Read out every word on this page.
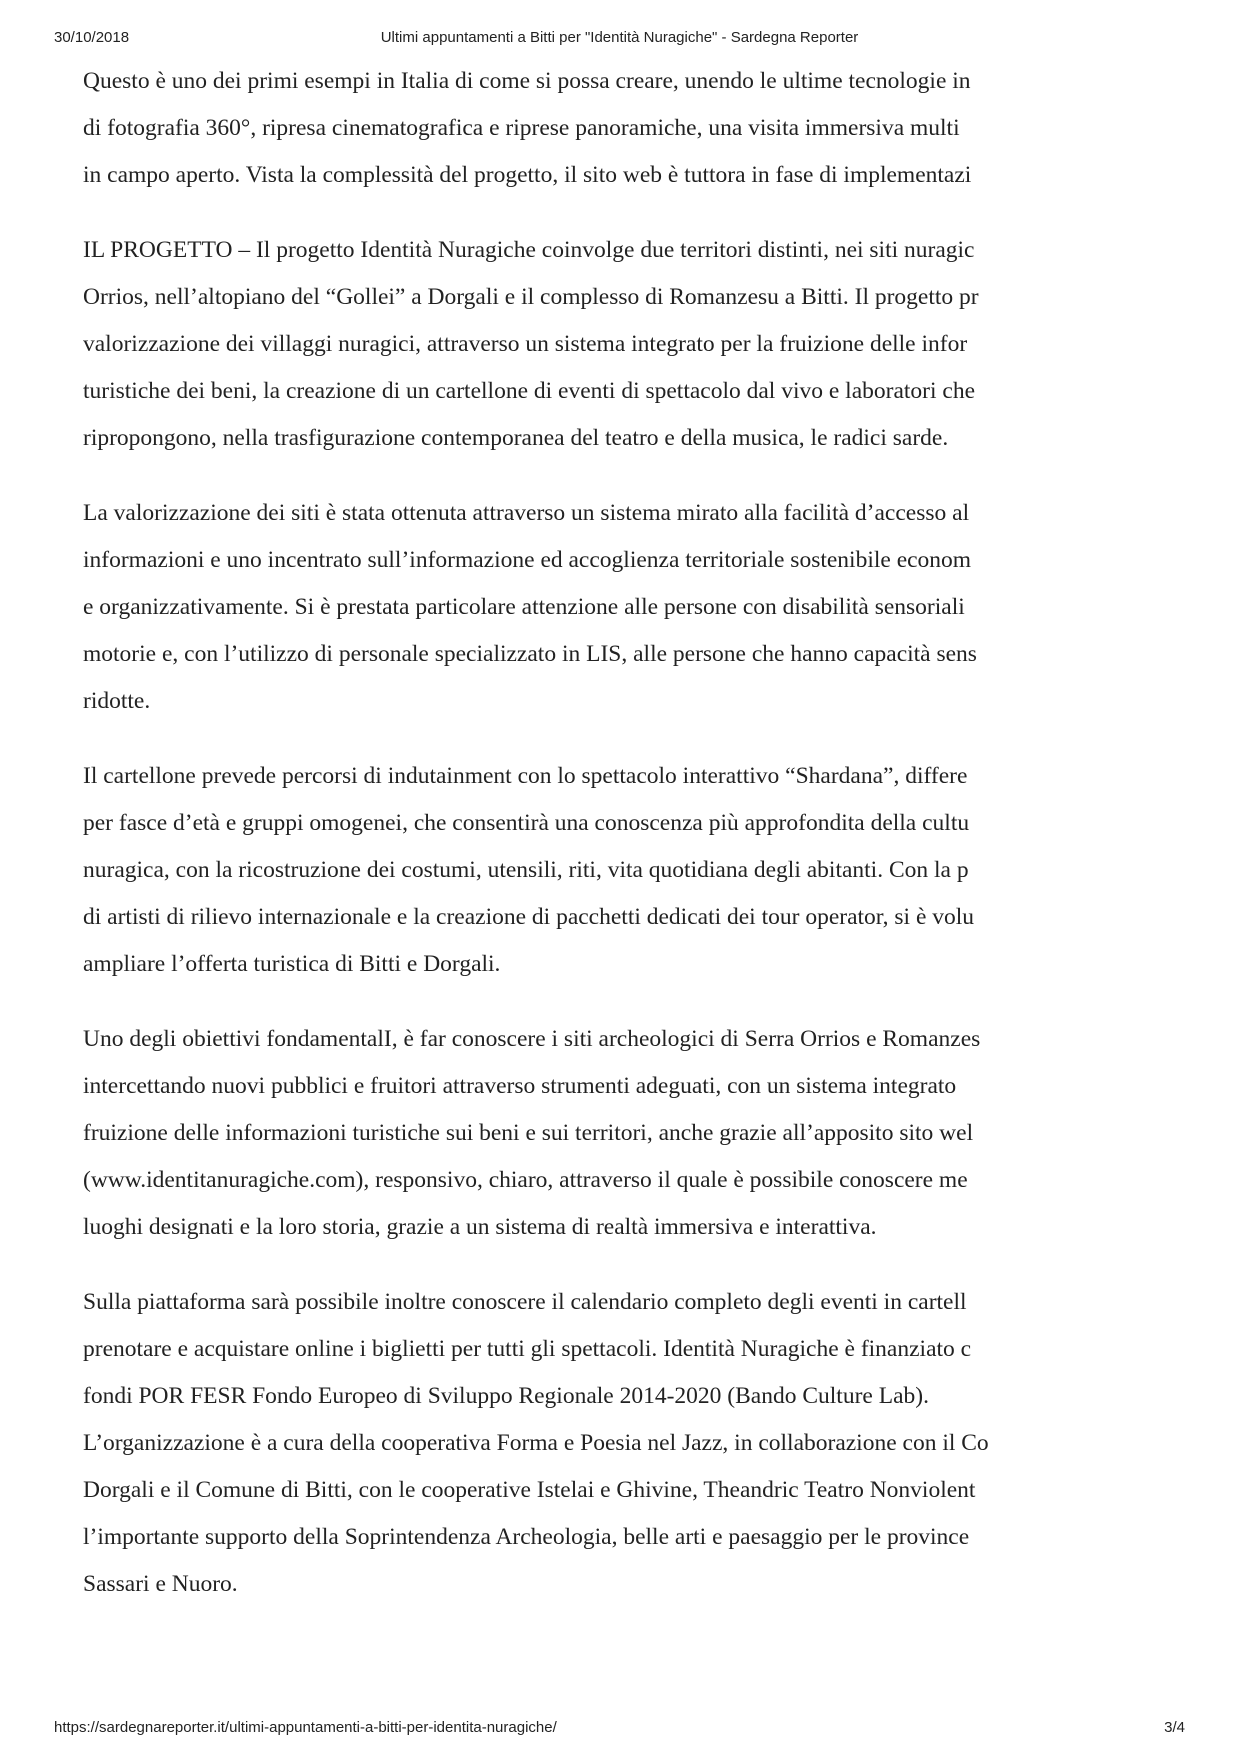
30/10/2018	Ultimi appuntamenti a Bitti per "Identità Nuragiche" - Sardegna Reporter

Questo è uno dei primi esempi in Italia di come si possa creare, unendo le ultime tecnologie in
di fotografia 360°, ripresa cinematografica e riprese panoramiche, una visita immersiva multi
in campo aperto. Vista la complessità del progetto, il sito web è tuttora in fase di implementazi

IL PROGETTO – Il progetto Identità Nuragiche coinvolge due territori distinti, nei siti nuragic
Orrios, nell’altopiano del “Gollei” a Dorgali e il complesso di Romanzesu a Bitti. Il progetto pr
valorizzazione dei villaggi nuragici, attraverso un sistema integrato per la fruizione delle infor
turistiche dei beni, la creazione di un cartellone di eventi di spettacolo dal vivo e laboratori che
ripropongono, nella trasfigurazione contemporanea del teatro e della musica, le radici sarde.

La valorizzazione dei siti è stata ottenuta attraverso un sistema mirato alla facilità d’accesso al
informazioni e uno incentrato sull’informazione ed accoglienza territoriale sostenibile econom
e organizzativamente. Si è prestata particolare attenzione alle persone con disabilità sensoriali
motorie e, con l’utilizzo di personale specializzato in LIS, alle persone che hanno capacità sens
ridotte.

Il cartellone prevede percorsi di indutainment con lo spettacolo interattivo “Shardana”, differe
per fasce d’età e gruppi omogenei, che consentirà una conoscenza più approfondita della cultu
nuragica, con la ricostruzione dei costumi, utensili, riti, vita quotidiana degli abitanti. Con la p
di artisti di rilievo internazionale e la creazione di pacchetti dedicati dei tour operator, si è volu
ampliare l’offerta turistica di Bitti e Dorgali.

Uno degli obiettivi fondamentalI, è far conoscere i siti archeologici di Serra Orrios e Romanzes
intercettando nuovi pubblici e fruitori attraverso strumenti adeguati, con un sistema integrato
fruizione delle informazioni turistiche sui beni e sui territori, anche grazie all’apposito sito wel
(www.identitanuragiche.com), responsivo, chiaro, attraverso il quale è possibile conoscere me
luoghi designati e la loro storia, grazie a un sistema di realtà immersiva e interattiva.

Sulla piattaforma sarà possibile inoltre conoscere il calendario completo degli eventi in cartell
prenotare e acquistare online i biglietti per tutti gli spettacoli. Identità Nuragiche è finanziato c
fondi POR FESR Fondo Europeo di Sviluppo Regionale 2014-2020 (Bando Culture Lab).
L’organizzazione è a cura della cooperativa Forma e Poesia nel Jazz, in collaborazione con il Co
Dorgali e il Comune di Bitti, con le cooperative Istelai e Ghivine, Theandric Teatro Nonviolent
l’importante supporto della Soprintendenza Archeologia, belle arti e paesaggio per le province
Sassari e Nuoro.

https://sardegnareporter.it/ultimi-appuntamenti-a-bitti-per-identita-nuragiche/	3/4
